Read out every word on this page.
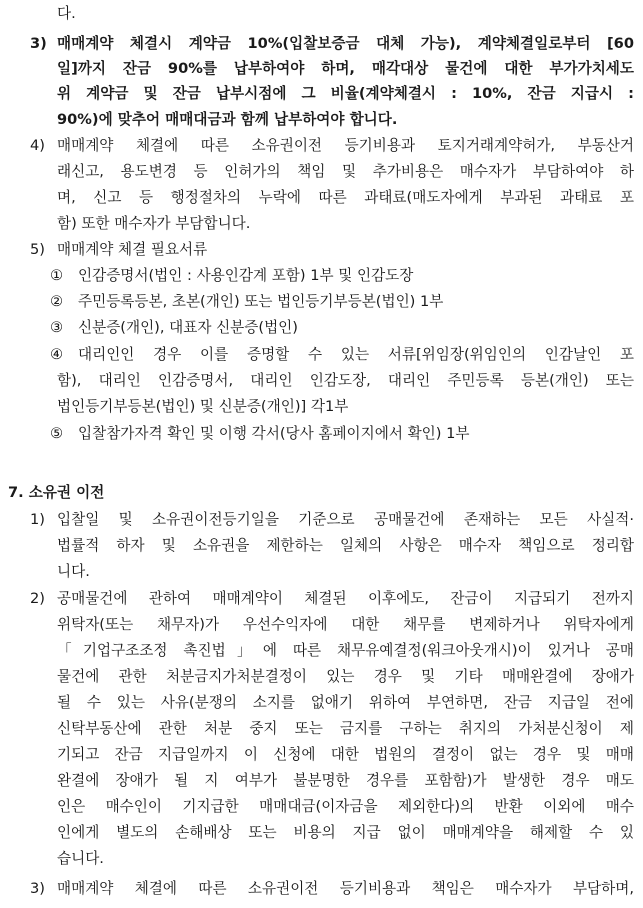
다.
3) 매매계약 체결시 계약금 10%(입찰보증금 대체 가능), 계약체결일로부터 [60
일]까지 잔금 90%를 납부하여야 하며, 매각대상 물건에 대한 부가가치세도
위 계약금 및 잔금 납부시점에 그 비율(계약체결시 : 10%, 잔금 지급시 :
90%)에 맞추어 매매대금과 함께 납부하여야 합니다.
4) 매매계약 체결에 따른 소유권이전 등기비용과 토지거래계약허가, 부동산거
래신고, 용도변경 등 인허가의 책임 및 추가비용은 매수자가 부담하여야 하
며, 신고 등 행정절차의 누락에 따른 과태료(매도자에게 부과된 과태료 포
함) 또한 매수자가 부담합니다.
5) 매매계약 체결 필요서류
① 인감증명서(법인 : 사용인감계 포함) 1부 및 인감도장
② 주민등록등본, 초본(개인) 또는 법인등기부등본(법인) 1부
③ 신분증(개인), 대표자 신분증(법인)
④ 대리인인 경우 이를 증명할 수 있는 서류[위임장(위임인의 인감날인 포
함), 대리인 인감증명서, 대리인 인감도장, 대리인 주민등록 등본(개인) 또는
법인등기부등본(법인) 및 신분증(개인)] 각1부
⑤ 입찰참가자격 확인 및 이행 각서(당사 홈페이지에서 확인) 1부
7. 소유권 이전
1) 입찰일 및 소유권이전등기일을 기준으로 공매물건에 존재하는 모든 사실적·
법률적 하자 및 소유권을 제한하는 일체의 사항은 매수자 책임으로 정리합
니다.
2) 공매물건에 관하여 매매계약이 체결된 이후에도, 잔금이 지급되기 전까지
위탁자(또는 채무자)가 우선수익자에 대한 채무를 변제하거나 위탁자에게
「기업구조조정 촉진법」에 따른 채무유예결정(워크아웃개시)이 있거나 공매
물건에 관한 처분금지가처분결정이 있는 경우 및 기타 매매완결에 장애가
될 수 있는 사유(분쟁의 소지를 없애기 위하여 부연하면, 잔금 지급일 전에
신탁부동산에 관한 처분 중지 또는 금지를 구하는 취지의 가처분신청이 제
기되고 잔금 지급일까지 이 신청에 대한 법원의 결정이 없는 경우 및 매매
완결에 장애가 될 지 여부가 불분명한 경우를 포함함)가 발생한 경우 매도
인은 매수인이 기지급한 매매대금(이자금을 제외한다)의 반환 이외에 매수
인에게 별도의 손해배상 또는 비용의 지급 없이 매매계약을 해제할 수 있
습니다.
3) 매매계약 체결에 따른 소유권이전 등기비용과 책임은 매수자가 부담하며,
